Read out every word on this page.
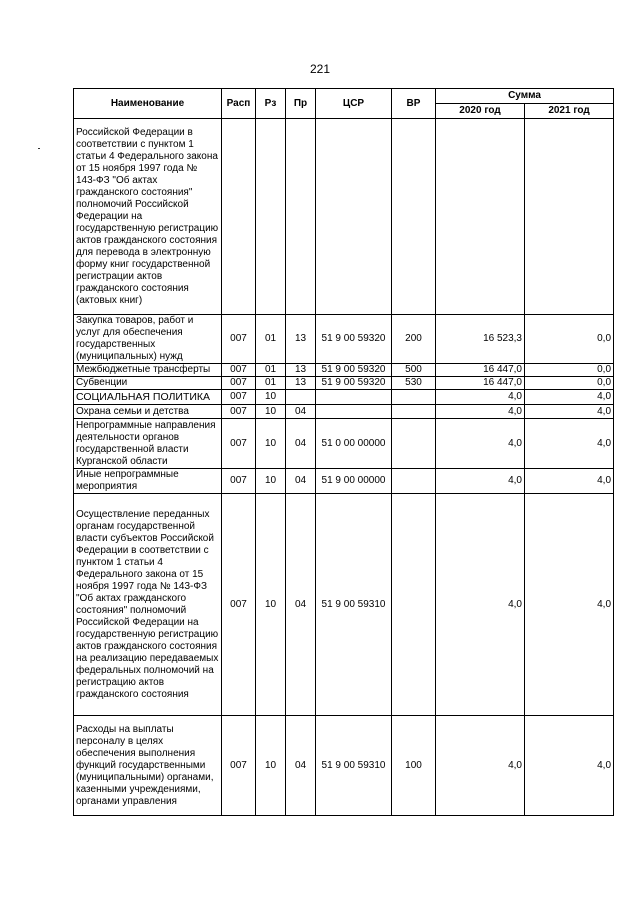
221
Наименование	Расп	Рз	Пр	ЦСР	ВР	Сумма	
						2020 год	2021 год
Российской Федерации в соответствии с пунктом 1 статьи 4 Федерального закона от 15 ноября 1997 года № 143-ФЗ "Об актах гражданского состояния" полномочий Российской Федерации на государственную регистрацию актов гражданского состояния для перевода в электронную форму книг государственной регистрации актов гражданского состояния (актовых книг)							
Закупка товаров, работ и услуг для обеспечения государственных (муниципальных) нужд	007	01	13	51 9 00 59320	200	16 523,3	0,0
Межбюджетные трансферты	007	01	13	51 9 00 59320	500	16 447,0	0,0
Субвенции	007	01	13	51 9 00 59320	530	16 447,0	0,0
СОЦИАЛЬНАЯ ПОЛИТИКА	007	10				4,0	4,0
Охрана семьи и детства	007	10	04			4,0	4,0
Непрограммные направления деятельности органов государственной власти Курганской области	007	10	04	51 0 00 00000		4,0	4,0
Иные непрограммные мероприятия	007	10	04	51 9 00 00000		4,0	4,0
Осуществление переданных органам государственной власти субъектов Российской Федерации в соответствии с пунктом 1 статьи 4 Федерального закона от 15 ноября 1997 года № 143-ФЗ "Об актах гражданского состояния" полномочий Российской Федерации на государственную регистрацию актов гражданского состояния на реализацию передаваемых федеральных полномочий на регистрацию актов гражданского состояния	007	10	04	51 9 00 59310		4,0	4,0
Расходы на выплаты персоналу в целях обеспечения выполнения функций государственными (муниципальными) органами, казенными учреждениями, органами управления	007	10	04	51 9 00 59310	100	4,0	4,0
